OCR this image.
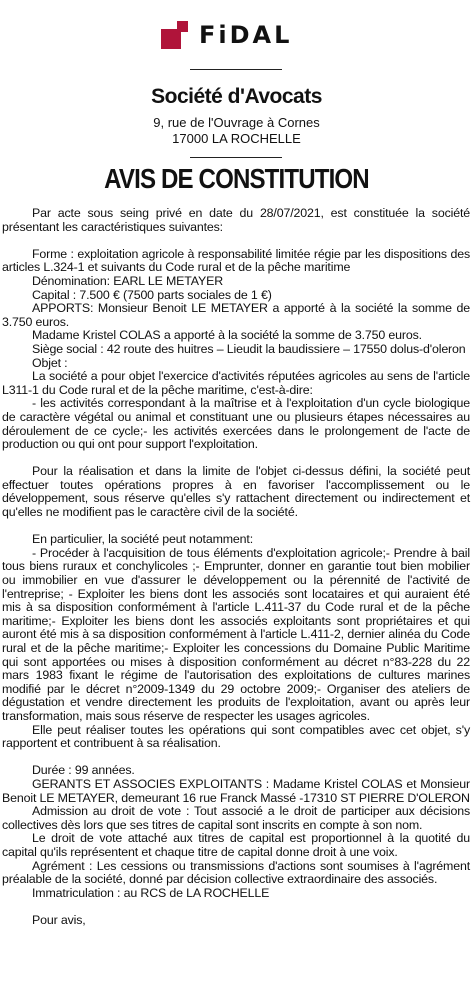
FiDAL
Société d'Avocats
9, rue de l'Ouvrage à Cornes
17000 LA ROCHELLE
AVIS DE CONSTITUTION

Par acte sous seing privé en date du 28/07/2021, est constituée la société présentant les caractéristiques suivantes:

Forme : exploitation agricole à responsabilité limitée régie par les dispositions des articles L.324-1 et suivants du Code rural et de la pêche maritime

Dénomination: EARL LE METAYER

Capital : 7.500 € (7500 parts sociales de 1 €)

APPORTS: Monsieur Benoit LE METAYER a apporté à la société la somme de 3.750 euros.

Madame Kristel COLAS a apporté à la société la somme de 3.750 euros.

Siège social : 42 route des huitres – Lieudit la baudissiere – 17550 dolus-d'oleron

Objet :

La société a pour objet l'exercice d'activités réputées agricoles au sens de l'article L311-1 du Code rural et de la pêche maritime, c'est-à-dire:

- les activités correspondant à la maîtrise et à l'exploitation d'un cycle biologique de caractère végétal ou animal et constituant une ou plusieurs étapes nécessaires au déroulement de ce cycle;- les activités exercées dans le prolongement de l'acte de production ou qui ont pour support l'exploitation.

Pour la réalisation et dans la limite de l'objet ci-dessus défini, la société peut effectuer toutes opérations propres à en favoriser l'accomplissement ou le développement, sous réserve qu'elles s'y rattachent directement ou indirectement et qu'elles ne modifient pas le caractère civil de la société.

En particulier, la société peut notamment:

- Procéder à l'acquisition de tous éléments d'exploitation agricole;- Prendre à bail tous biens ruraux et conchylicoles ;- Emprunter, donner en garantie tout bien mobilier ou immobilier en vue d'assurer le développement ou la pérennité de l'activité de l'entreprise; - Exploiter les biens dont les associés sont locataires et qui auraient été mis à sa disposition conformément à l'article L.411-37 du Code rural et de la pêche maritime;- Exploiter les biens dont les associés exploitants sont propriétaires et qui auront été mis à sa disposition conformément à l'article L.411-2, dernier alinéa du Code rural et de la pêche maritime;- Exploiter les concessions du Domaine Public Maritime qui sont apportées ou mises à disposition conformément au décret n°83-228 du 22 mars 1983 fixant le régime de l'autorisation des exploitations de cultures marines modifié par le décret n°2009-1349 du 29 octobre 2009;- Organiser des ateliers de dégustation et vendre directement les produits de l'exploitation, avant ou après leur transformation, mais sous réserve de respecter les usages agricoles.

Elle peut réaliser toutes les opérations qui sont compatibles avec cet objet, s'y rapportent et contribuent à sa réalisation.

Durée : 99 années.

GERANTS ET ASSOCIES EXPLOITANTS : Madame Kristel COLAS et Monsieur Benoit LE METAYER, demeurant 16 rue Franck Massé -17310 ST PIERRE D'OLERON

Admission au droit de vote : Tout associé a le droit de participer aux décisions collectives dès lors que ses titres de capital sont inscrits en compte à son nom.

Le droit de vote attaché aux titres de capital est proportionnel à la quotité du capital qu'ils représentent et chaque titre de capital donne droit à une voix.

Agrément : Les cessions ou transmissions d'actions sont soumises à l'agrément préalable de la société, donné par décision collective extraordinaire des associés.

Immatriculation : au RCS de LA ROCHELLE

Pour avis,
